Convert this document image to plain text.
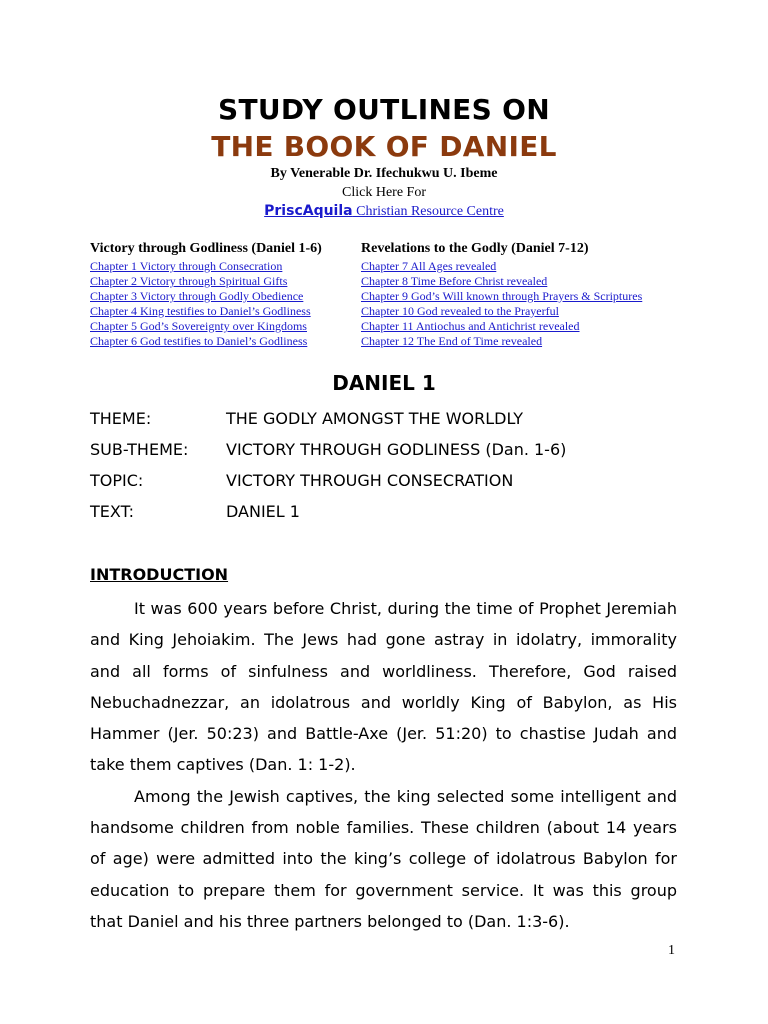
STUDY OUTLINES ON
THE BOOK OF DANIEL
By Venerable Dr. Ifechukwu U. Ibeme
Click Here For
PriscAquila Christian Resource Centre
Victory through Godliness (Daniel 1-6)
Chapter 1 Victory through Consecration
Chapter 2 Victory through Spiritual Gifts
Chapter 3 Victory through Godly Obedience
Chapter 4 King testifies to Daniel’s Godliness
Chapter 5 God’s Sovereignty over Kingdoms
Chapter 6 God testifies to Daniel’s Godliness
Revelations to the Godly (Daniel 7-12)
Chapter 7 All Ages revealed
Chapter 8 Time Before Christ revealed
Chapter 9 God’s Will known through Prayers & Scriptures
Chapter 10 God revealed to the Prayerful
Chapter 11 Antiochus and Antichrist revealed
Chapter 12 The End of Time revealed
DANIEL 1
THEME:	THE GODLY AMONGST THE WORLDLY
SUB-THEME: VICTORY THROUGH GODLINESS (Dan. 1-6)
TOPIC:	VICTORY THROUGH CONSECRATION
TEXT:	DANIEL 1
INTRODUCTION

It was 600 years before Christ, during the time of Prophet Jeremiah and King Jehoiakim. The Jews had gone astray in idolatry, immorality and all forms of sinfulness and worldliness. Therefore, God raised Nebuchadnezzar, an idolatrous and worldly King of Babylon, as His Hammer (Jer. 50:23) and Battle-Axe (Jer. 51:20) to chastise Judah and take them captives (Dan. 1: 1-2).

Among the Jewish captives, the king selected some intelligent and handsome children from noble families. These children (about 14 years of age) were admitted into the king’s college of idolatrous Babylon for education to prepare them for government service. It was this group that Daniel and his three partners belonged to (Dan. 1:3-6).

1
